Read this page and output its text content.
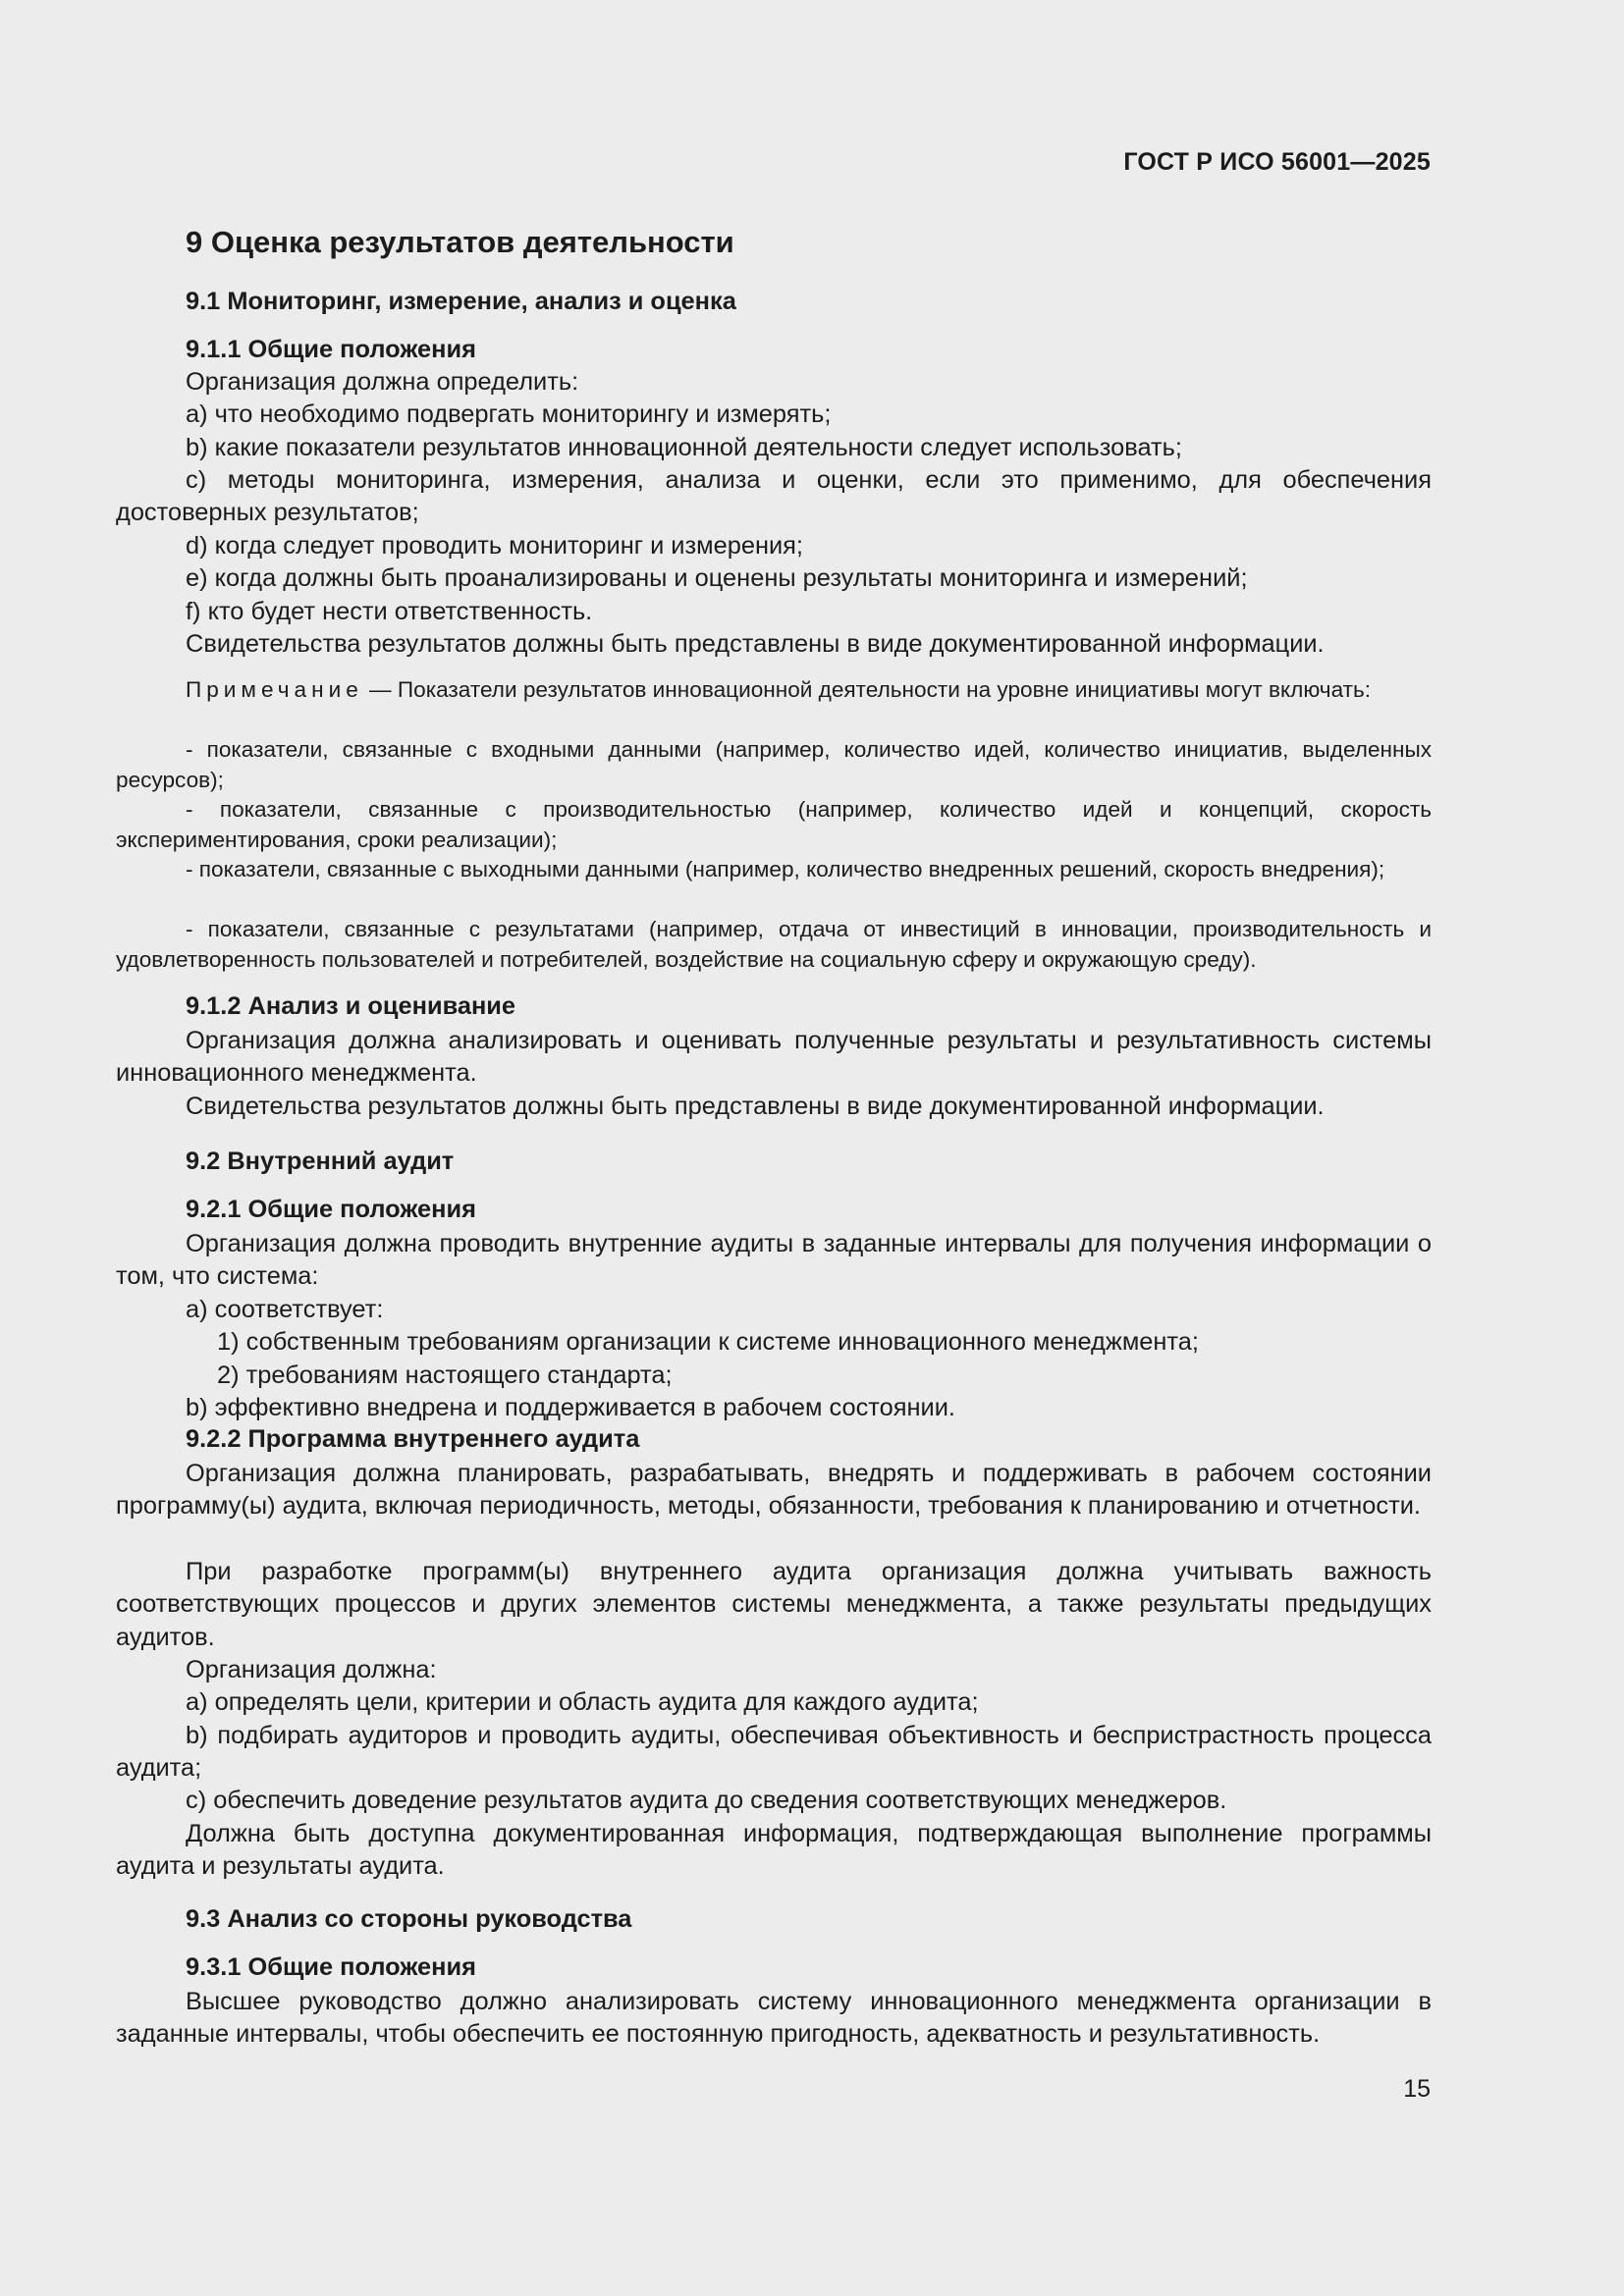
ГОСТ Р ИСО 56001—2025
9 Оценка результатов деятельности
9.1 Мониторинг, измерение, анализ и оценка
9.1.1 Общие положения
Организация должна определить:
a) что необходимо подвергать мониторингу и измерять;
b) какие показатели результатов инновационной деятельности следует использовать;
c) методы мониторинга, измерения, анализа и оценки, если это применимо, для обеспечения достоверных результатов;
d) когда следует проводить мониторинг и измерения;
e) когда должны быть проанализированы и оценены результаты мониторинга и измерений;
f) кто будет нести ответственность.
Свидетельства результатов должны быть представлены в виде документированной информации.
Примечание — Показатели результатов инновационной деятельности на уровне инициативы могут включать:
- показатели, связанные с входными данными (например, количество идей, количество инициатив, выделенных ресурсов);
- показатели, связанные с производительностью (например, количество идей и концепций, скорость экспериментирования, сроки реализации);
- показатели, связанные с выходными данными (например, количество внедренных решений, скорость внедрения);
- показатели, связанные с результатами (например, отдача от инвестиций в инновации, производительность и удовлетворенность пользователей и потребителей, воздействие на социальную сферу и окружающую среду).
9.1.2 Анализ и оценивание
Организация должна анализировать и оценивать полученные результаты и результативность системы инновационного менеджмента.
Свидетельства результатов должны быть представлены в виде документированной информации.
9.2 Внутренний аудит
9.2.1 Общие положения
Организация должна проводить внутренние аудиты в заданные интервалы для получения информации о том, что система:
a) соответствует:
1) собственным требованиям организации к системе инновационного менеджмента;
2) требованиям настоящего стандарта;
b) эффективно внедрена и поддерживается в рабочем состоянии.
9.2.2 Программа внутреннего аудита
Организация должна планировать, разрабатывать, внедрять и поддерживать в рабочем состоянии программу(ы) аудита, включая периодичность, методы, обязанности, требования к планированию и отчетности.
При разработке программ(ы) внутреннего аудита организация должна учитывать важность соответствующих процессов и других элементов системы менеджмента, а также результаты предыдущих аудитов.
Организация должна:
a) определять цели, критерии и область аудита для каждого аудита;
b) подбирать аудиторов и проводить аудиты, обеспечивая объективность и беспристрастность процесса аудита;
c) обеспечить доведение результатов аудита до сведения соответствующих менеджеров.
Должна быть доступна документированная информация, подтверждающая выполнение программы аудита и результаты аудита.
9.3 Анализ со стороны руководства
9.3.1 Общие положения
Высшее руководство должно анализировать систему инновационного менеджмента организации в заданные интервалы, чтобы обеспечить ее постоянную пригодность, адекватность и результативность.
15
